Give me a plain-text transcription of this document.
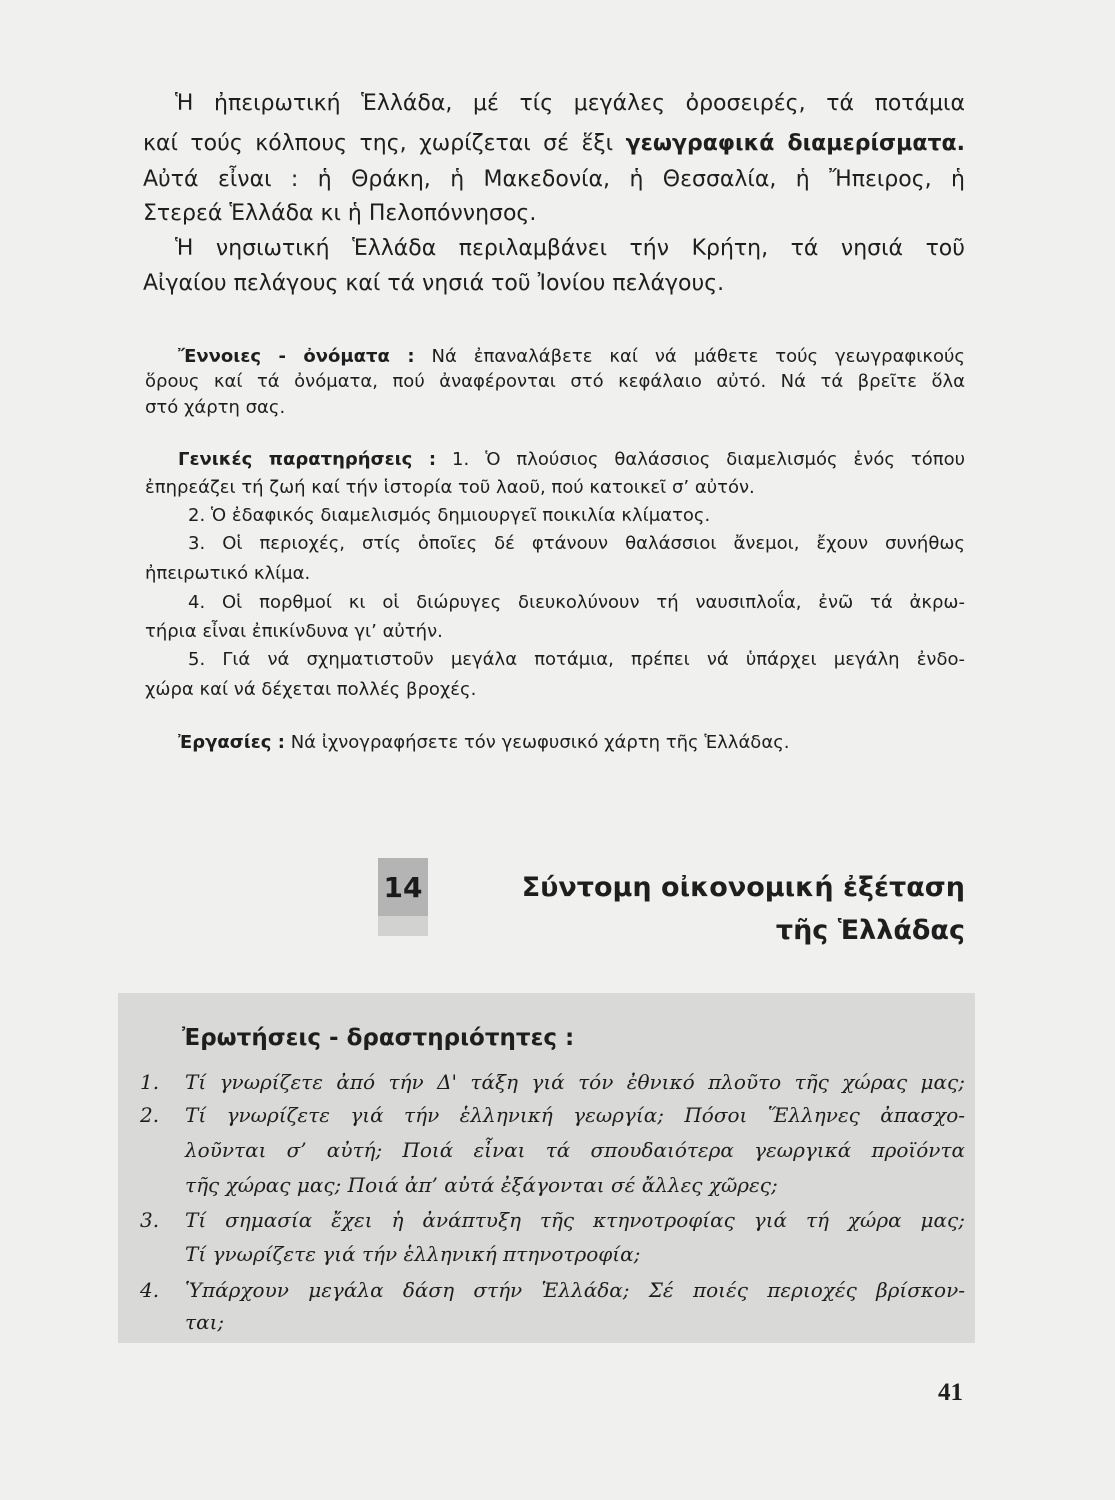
Ἡ ἠπειρωτική Ἑλλάδα, μέ τίς μεγάλες ὀροσειρές, τά ποτάμια
καί τούς κόλπους της, χωρίζεται σέ ἕξι γεωγραφικά διαμερίσματα.
Αὐτά εἶναι : ἡ Θράκη, ἡ Μακεδονία, ἡ Θεσσαλία, ἡ Ἤπειρος, ἡ
Στερεά Ἑλλάδα κι ἡ Πελοπόννησος.
Ἡ νησιωτική Ἑλλάδα περιλαμβάνει τήν Κρήτη, τά νησιά τοῦ
Αἰγαίου πελάγους καί τά νησιά τοῦ Ἰονίου πελάγους.
Ἔννοιες - ὀνόματα : Νά ἐπαναλάβετε καί νά μάθετε τούς γεωγραφικούς
ὅρους καί τά ὀνόματα, πού ἀναφέρονται στό κεφάλαιο αὐτό. Νά τά βρεῖτε ὅλα
στό χάρτη σας.
Γενικές παρατηρήσεις : 1. Ὁ πλούσιος θαλάσσιος διαμελισμός ἑνός τόπου
ἐπηρεάζει τή ζωή καί τήν ἱστορία τοῦ λαοῦ, πού κατοικεῖ σ’ αὐτόν.
2. Ὁ ἐδαφικός διαμελισμός δημιουργεῖ ποικιλία κλίματος.
3. Οἱ περιοχές, στίς ὁποῖες δέ φτάνουν θαλάσσιοι ἄνεμοι, ἔχουν συνήθως
ἠπειρωτικό κλίμα.
4. Οἱ πορθμοί κι οἱ διώρυγες διευκολύνουν τή ναυσιπλοΐα, ἐνῶ τά ἀκρω-
τήρια εἶναι ἐπικίνδυνα γι’ αὐτήν.
5. Γιά νά σχηματιστοῦν μεγάλα ποτάμια, πρέπει νά ὑπάρχει μεγάλη ἐνδο-
χώρα καί νά δέχεται πολλές βροχές.
Ἐργασίες : Νά ἰχνογραφήσετε τόν γεωφυσικό χάρτη τῆς Ἑλλάδας.
14	Σύντομη οἰκονομική ἐξέταση
τῆς Ἑλλάδας
Ἐρωτήσεις - δραστηριότητες :
1.	Τί γνωρίζετε ἀπό τήν Δ' τάξη γιά τόν ἐθνικό πλοῦτο τῆς χώρας μας;
2.	Τί γνωρίζετε γιά τήν ἑλληνική γεωργία; Πόσοι Ἕλληνες ἀπασχο-
λοῦνται σ’ αὐτή; Ποιά εἶναι τά σπουδαιότερα γεωργικά προϊόντα
τῆς χώρας μας; Ποιά ἀπ’ αὐτά ἐξάγονται σέ ἄλλες χῶρες;
3.	Τί σημασία ἔχει ἡ ἀνάπτυξη τῆς κτηνοτροφίας γιά τή χώρα μας;
Τί γνωρίζετε γιά τήν ἑλληνική πτηνοτροφία;
4.	Ὑπάρχουν μεγάλα δάση στήν Ἑλλάδα; Σέ ποιές περιοχές βρίσκον-
ται;
41
